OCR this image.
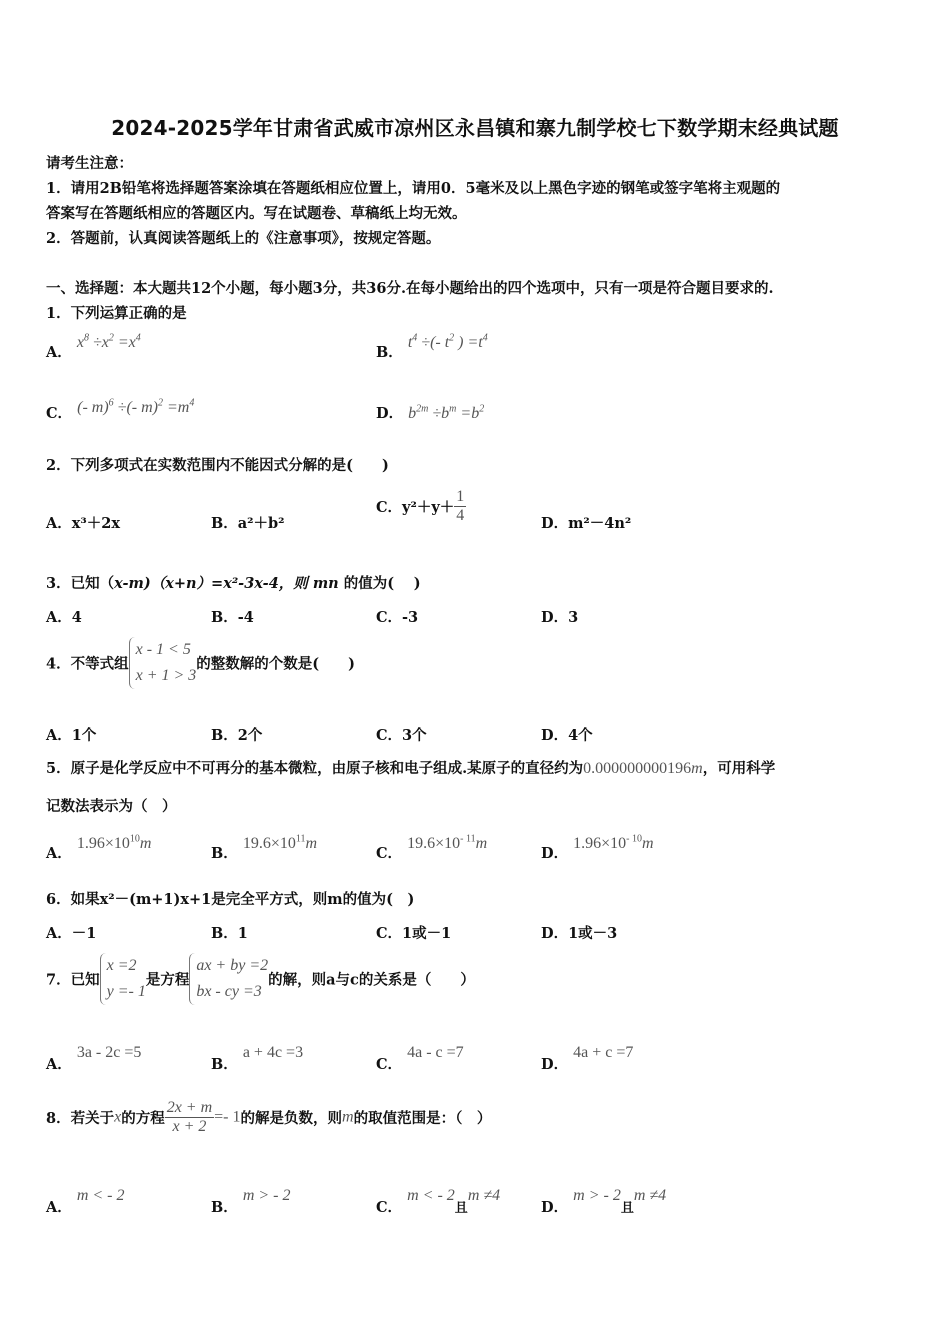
2024-2025学年甘肃省武威市凉州区永昌镇和寨九制学校七下数学期末经典试题
请考生注意：
1．请用2B铅笔将选择题答案涂填在答题纸相应位置上，请用0．5毫米及以上黑色字迹的钢笔或签字笔将主观题的
答案写在答题纸相应的答题区内。写在试题卷、草稿纸上均无效。
2．答题前，认真阅读答题纸上的《注意事项》，按规定答题。
一、选择题：本大题共12个小题，每小题3分，共36分.在每小题给出的四个选项中，只有一项是符合题目要求的.
1．下列运算正确的是
A． $x^8 \div x^2 =x^4$
B． $t^4$ ÷(- $t^2$ ) $=t^4$
C． (- m)$^6$ ÷(- $m)^2 =m^4$
D． $b^{2m} \div b^m =b^2$
2．下列多项式在实数范围内不能因式分解的是(　　)
A．x³＋2x	B．a²＋b²
C．$y^2+y+ \frac{1}{4}$	D．m²－4n²
3．已知（x-m)（x+n）=x²-3x-4，则 mn 的值为(　 )
A．4	B．-4	C．-3	D．3
4．不等式组x - 1 < 5
x + 1 > 3的整数解的个数是(　　)
A．1个	B．2个	C．3个	D．4个
5．原子是化学反应中不可再分的基本微粒，由原子核和电子组成.某原子的直径约为0.000000000196m，可用科学
记数法表示为（　）
A． $1.96\times 10^{10}m$
B． $19.6\times 10^{11}m$
C． $19.6\times 10^{- 11}m$
D． $1.96\times 10^{- 10}m$
6．如果x²－(m+1)x+1是完全平方式，则m的值为(　)
A．－1	B．1	C．1或－1	D．1或－3
7．已知x =2
y =- 1是方程ax + by =2
bx - cy =3的解，则a与c的关系是（　　）
A． 3a - 2c =5
B． a + 4c =3
C． 4a - c =7
D． 4a + c =7
8．若关于x的方程 $\frac{2x + m}{x + 2} =- 1$的解是负数，则m的取值范围是：（　）
A． m < - 2
B． m > - 2
C． m < - 2且m ≠4
D． m > - 2且m ≠4
